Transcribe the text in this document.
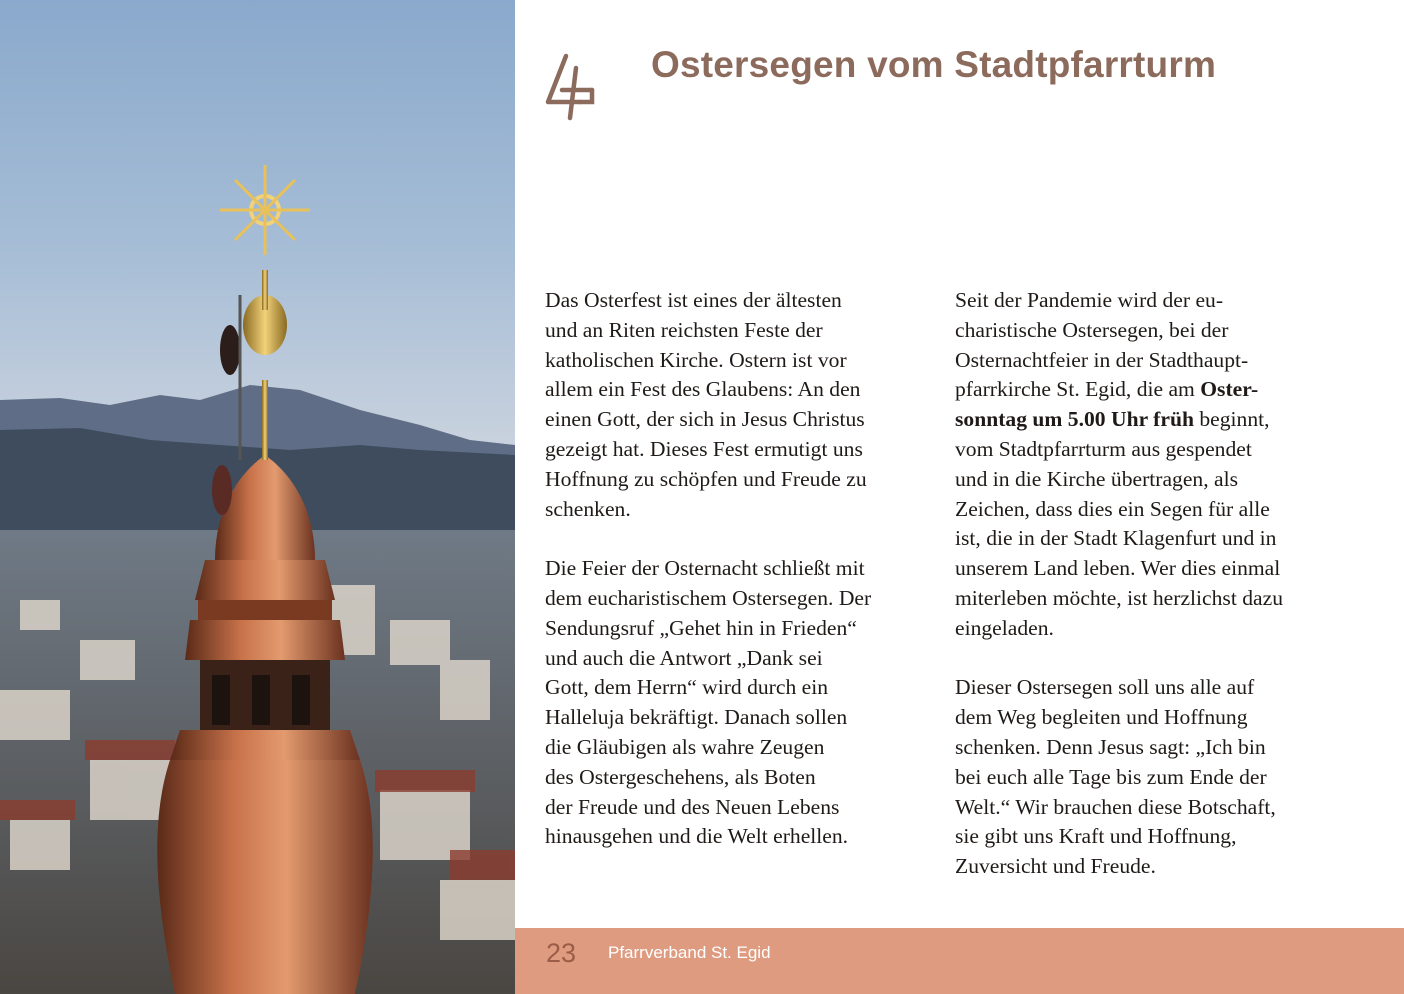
Ostersegen vom Stadtpfarrturm

Das Osterfest ist eines der ältesten
und an Riten reichsten Feste der
katholischen Kirche. Ostern ist vor
allem ein Fest des Glaubens: An den
einen Gott, der sich in Jesus Christus
gezeigt hat. Dieses Fest ermutigt uns
Hoffnung zu schöpfen und Freude zu
schenken.

Die Feier der Osternacht schließt mit
dem eucharistischem Ostersegen. Der
Sendungsruf „Gehet hin in Frieden“
und auch die Antwort „Dank sei
Gott, dem Herrn“ wird durch ein
Halleluja bekräftigt. Danach sollen
die Gläubigen als wahre Zeugen
des Ostergeschehens, als Boten
der Freude und des Neuen Lebens
hinausgehen und die Welt erhellen.

Seit der Pandemie wird der eu-
charistische Ostersegen, bei der
Osternachtfeier in der Stadthaupt-
pfarrkirche St. Egid, die am Oster-
sonntag um 5.00 Uhr früh beginnt,
vom Stadtpfarrturm aus gespendet
und in die Kirche übertragen, als
Zeichen, dass dies ein Segen für alle
ist, die in der Stadt Klagenfurt und in
unserem Land leben. Wer dies einmal
miterleben möchte, ist herzlichst dazu
eingeladen.

Dieser Ostersegen soll uns alle auf
dem Weg begleiten und Hoffnung
schenken. Denn Jesus sagt: „Ich bin
bei euch alle Tage bis zum Ende der
Welt.“ Wir brauchen diese Botschaft,
sie gibt uns Kraft und Hoffnung,
Zuversicht und Freude.

23 Pfarrverband St. Egid
